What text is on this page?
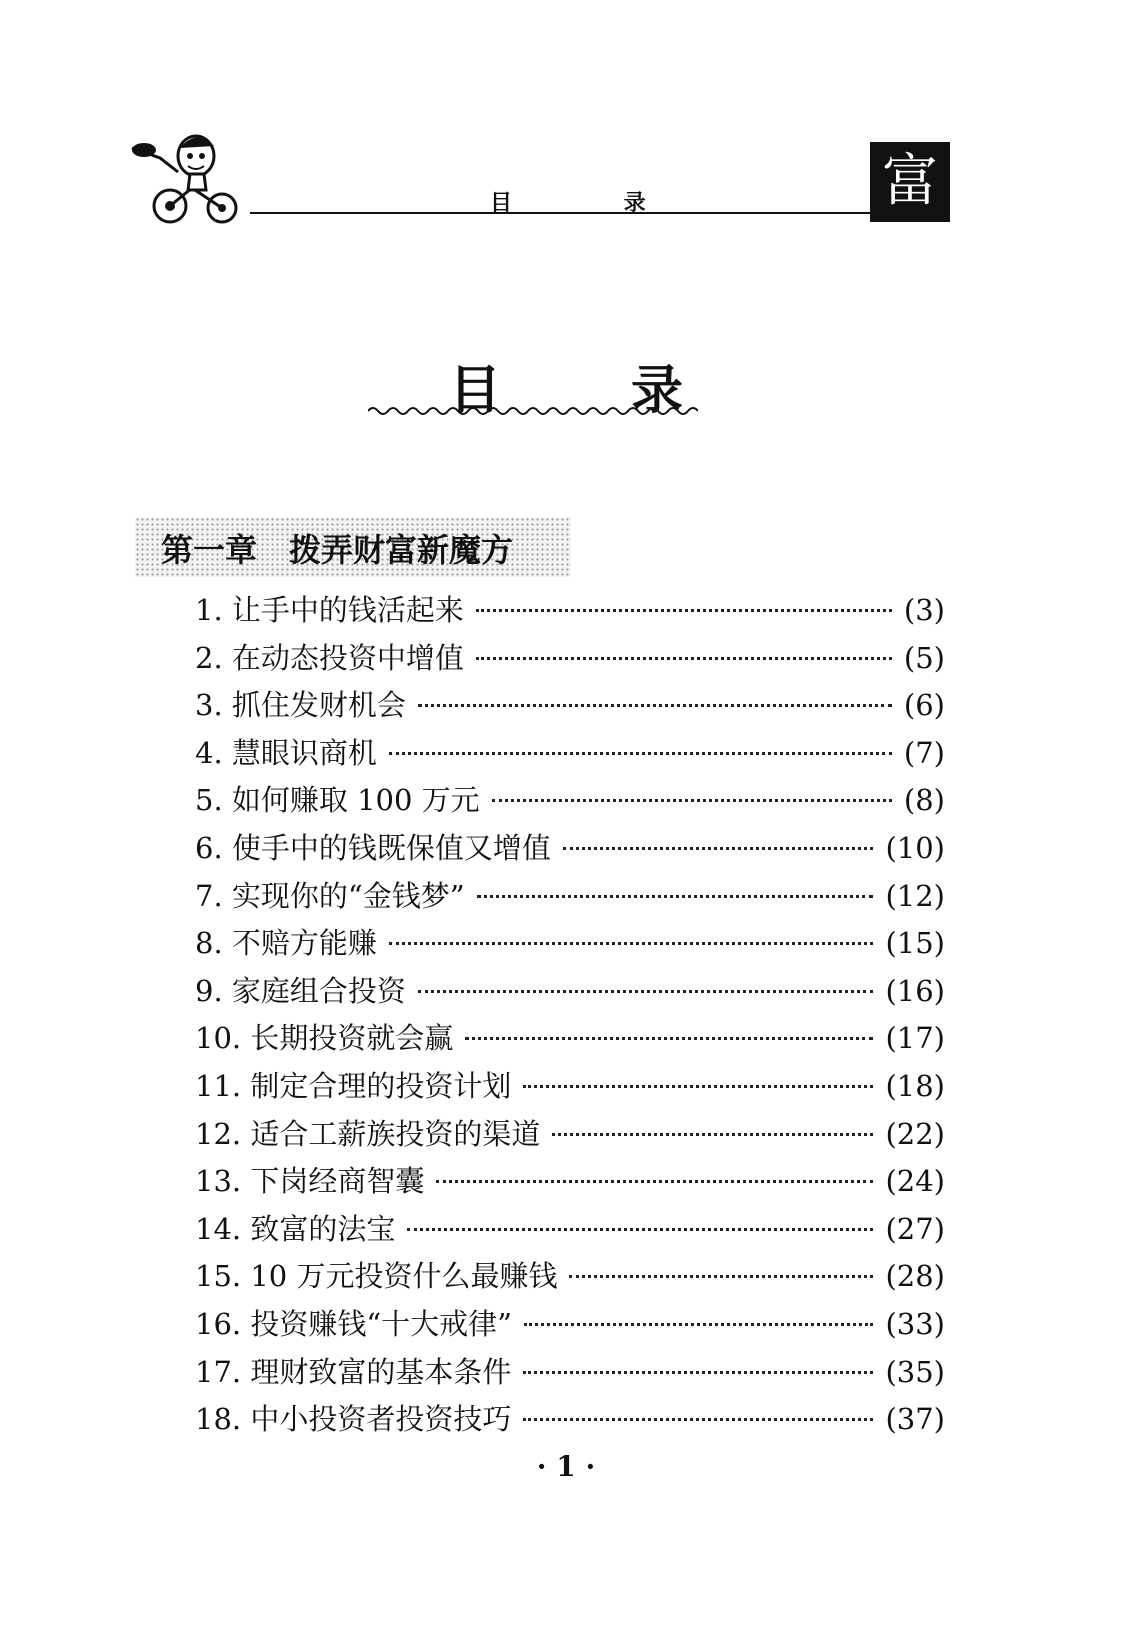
目 录	富
目录
第一章　拨弄财富新魔方
1. 让手中的钱活起来	(3)
2. 在动态投资中增值	(5)
3. 抓住发财机会	(6)
4. 慧眼识商机	(7)
5. 如何赚取 100 万元	(8)
6. 使手中的钱既保值又增值	(10)
7. 实现你的“金钱梦”	(12)
8. 不赔方能赚	(15)
9. 家庭组合投资	(16)
10. 长期投资就会赢	(17)
11. 制定合理的投资计划	(18)
12. 适合工薪族投资的渠道	(22)
13. 下岗经商智囊	(24)
14. 致富的法宝	(27)
15. 10 万元投资什么最赚钱	(28)
16. 投资赚钱“十大戒律”	(33)
17. 理财致富的基本条件	(35)
18. 中小投资者投资技巧	(37)
· 1 ·
